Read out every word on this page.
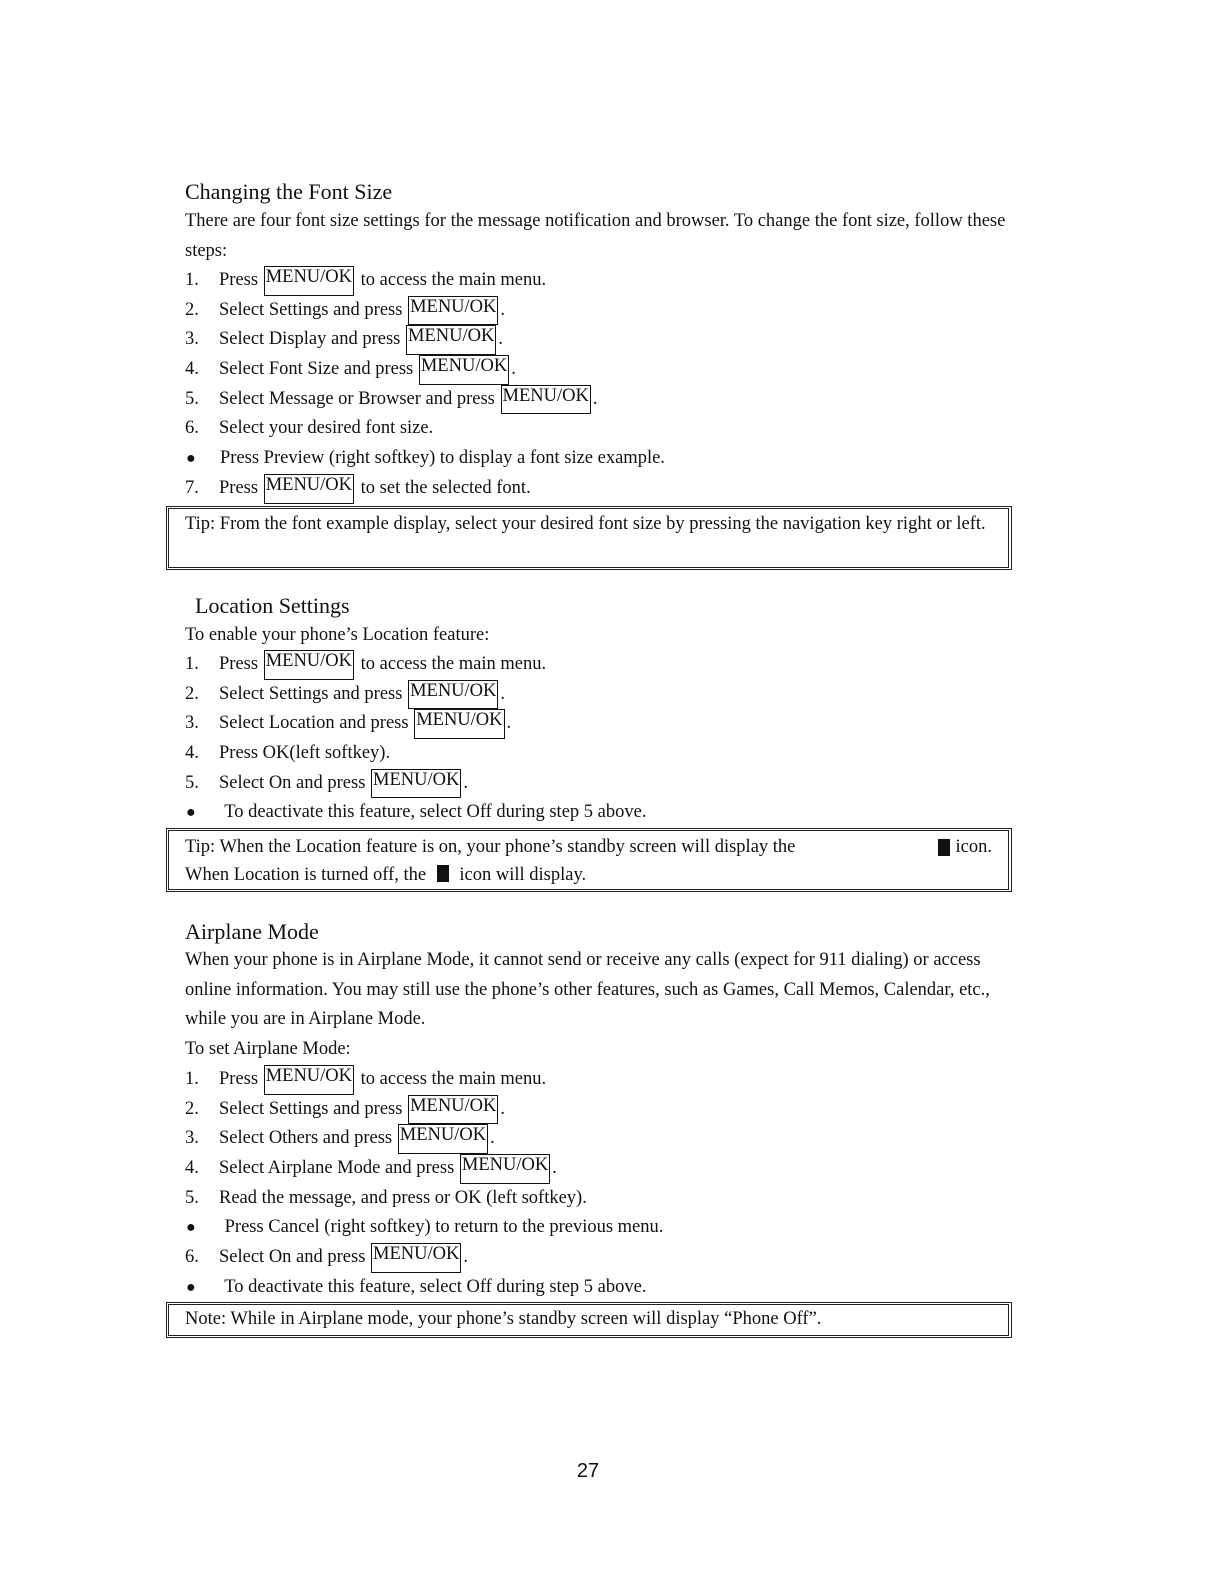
Changing the Font Size

There are four font size settings for the message notification and browser. To change the font size, follow these steps:

1.	Press MENU/OK to access the main menu.
2.	Select Settings and press MENU/OK .
3.	Select Display and press MENU/OK .
4.	Select Font Size and press MENU/OK .
5.	Select Message or Browser and press MENU/OK .
6.	Select your desired font size.
●	Press Preview (right softkey) to display a font size example.
7.	Press MENU/OK to set the selected font.
Tip: From the font example display, select your desired font size by pressing the navigation key right or left.
Location Settings

To enable your phone’s Location feature:

1.	Press MENU/OK to access the main menu.
2.	Select Settings and press MENU/OK .
3.	Select Location and press MENU/OK .
4.	Press OK(left softkey).
5.	Select On and press MENU/OK .
●	To deactivate this feature, select Off during step 5 above.
Tip: When the Location feature is on, your phone’s standby screen will display the	icon.
When Location is turned off, the icon will display.
Airplane Mode

When your phone is in Airplane Mode, it cannot send or receive any calls (expect for 911 dialing) or access online information. You may still use the phone’s other features, such as Games, Call Memos, Calendar, etc., while you are in Airplane Mode.

To set Airplane Mode:

1.	Press MENU/OK to access the main menu.
2.	Select Settings and press MENU/OK .
3.	Select Others and press MENU/OK .
4.	Select Airplane Mode and press MENU/OK .
5.	Read the message, and press or OK (left softkey).
●	Press Cancel (right softkey) to return to the previous menu.
6.	Select On and press MENU/OK .
●	To deactivate this feature, select Off during step 5 above.
Note: While in Airplane mode, your phone’s standby screen will display “Phone Off”.
27
